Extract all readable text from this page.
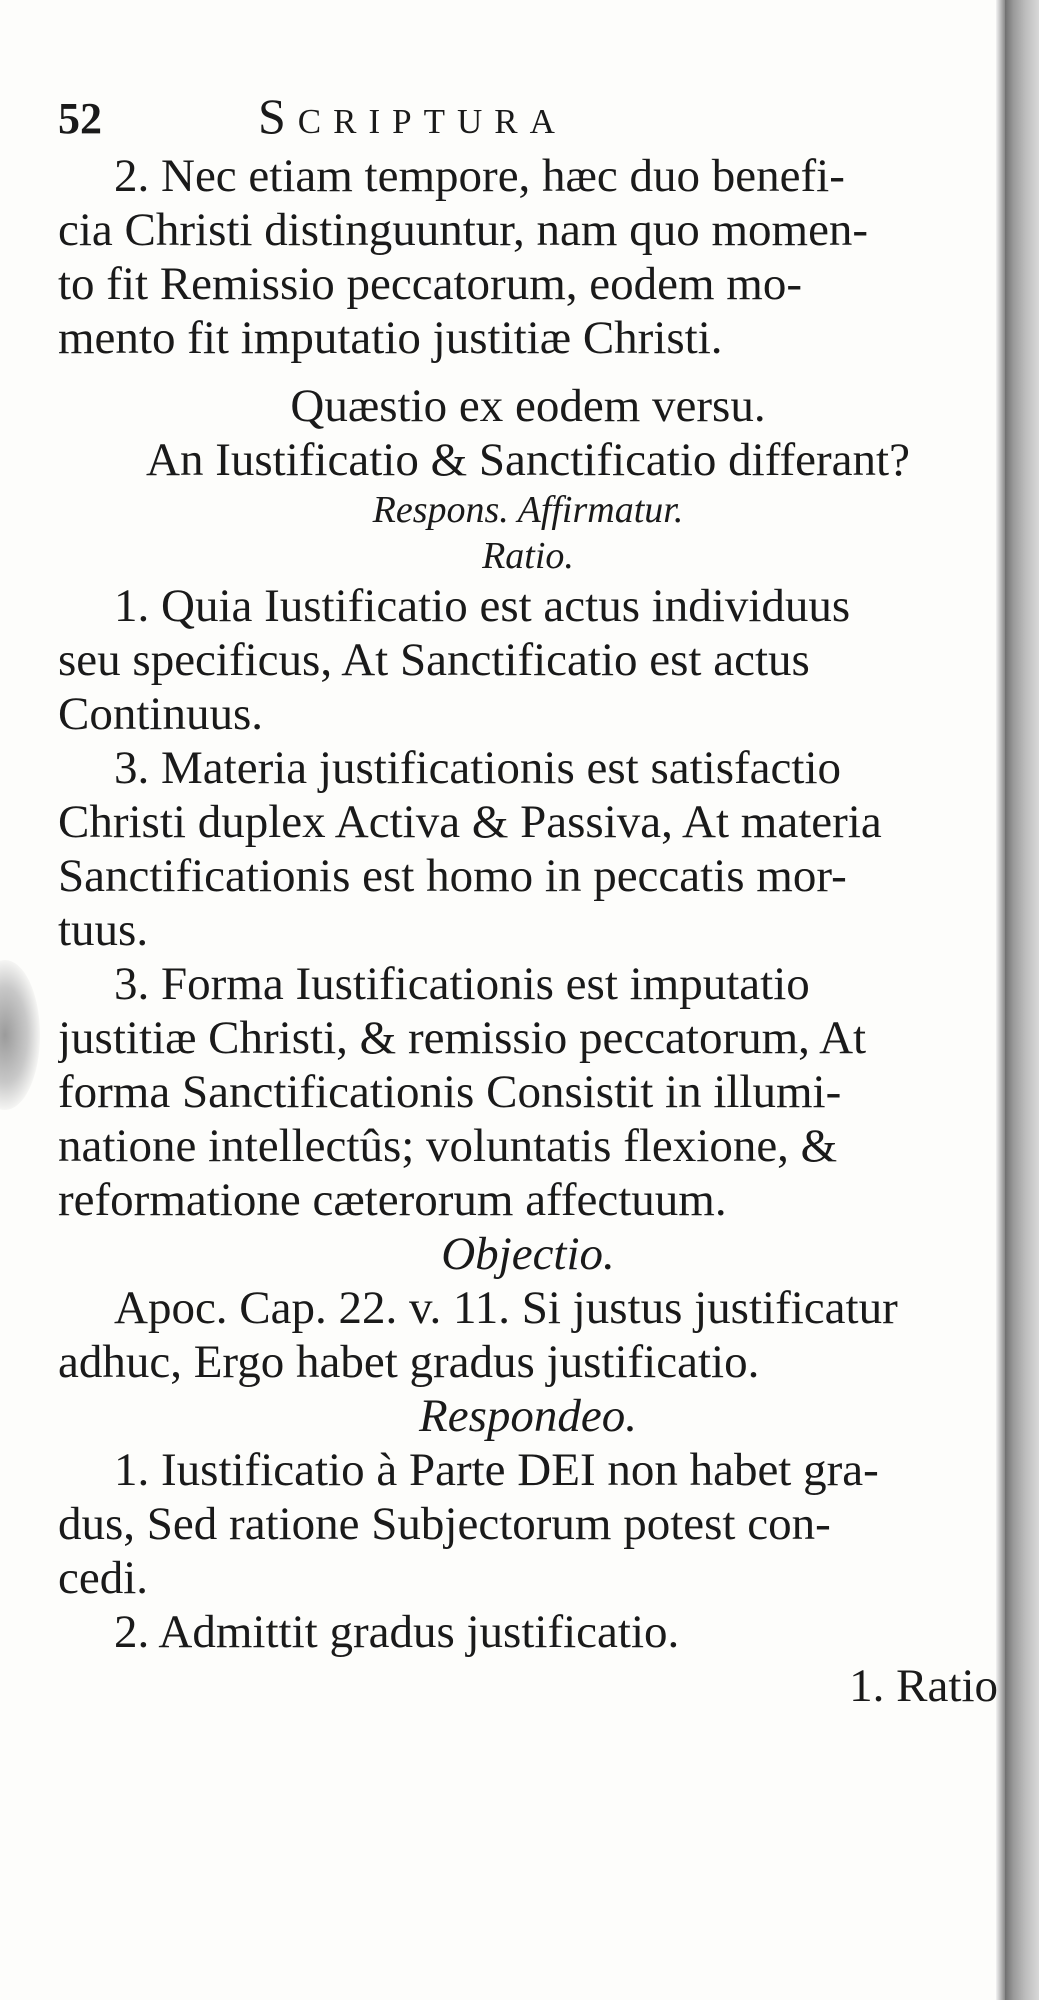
52	Scriptura
2. Nec etiam tempore, hæc duo benefi-
cia Christi distinguuntur, nam quo momen-
to fit Remissio peccatorum, eodem mo-
mento fit imputatio justitiæ Christi.
Quæstio ex eodem versu.
An Iustificatio & Sanctificatio differant?
Respons. Affirmatur.
Ratio.
1. Quia Iustificatio est actus individuus
seu specificus, At Sanctificatio est actus
Continuus.
3. Materia justificationis est satisfactio
Christi duplex Activa & Passiva, At materia
Sanctificationis est homo in peccatis mor-
tuus.
3. Forma Iustificationis est imputatio
justitiæ Christi, & remissio peccatorum, At
forma Sanctificationis Consistit in illumi-
natione intellectûs; voluntatis flexione, &
reformatione cæterorum affectuum.
Objectio.
Apoc. Cap. 22. v. 11. Si justus justificatur
adhuc, Ergo habet gradus justificatio.
Respondeo.
1. Iustificatio à Parte DEI non habet gra-
dus, Sed ratione Subjectorum potest con-
cedi.
2. Admittit gradus justificatio.
1. Ratio
